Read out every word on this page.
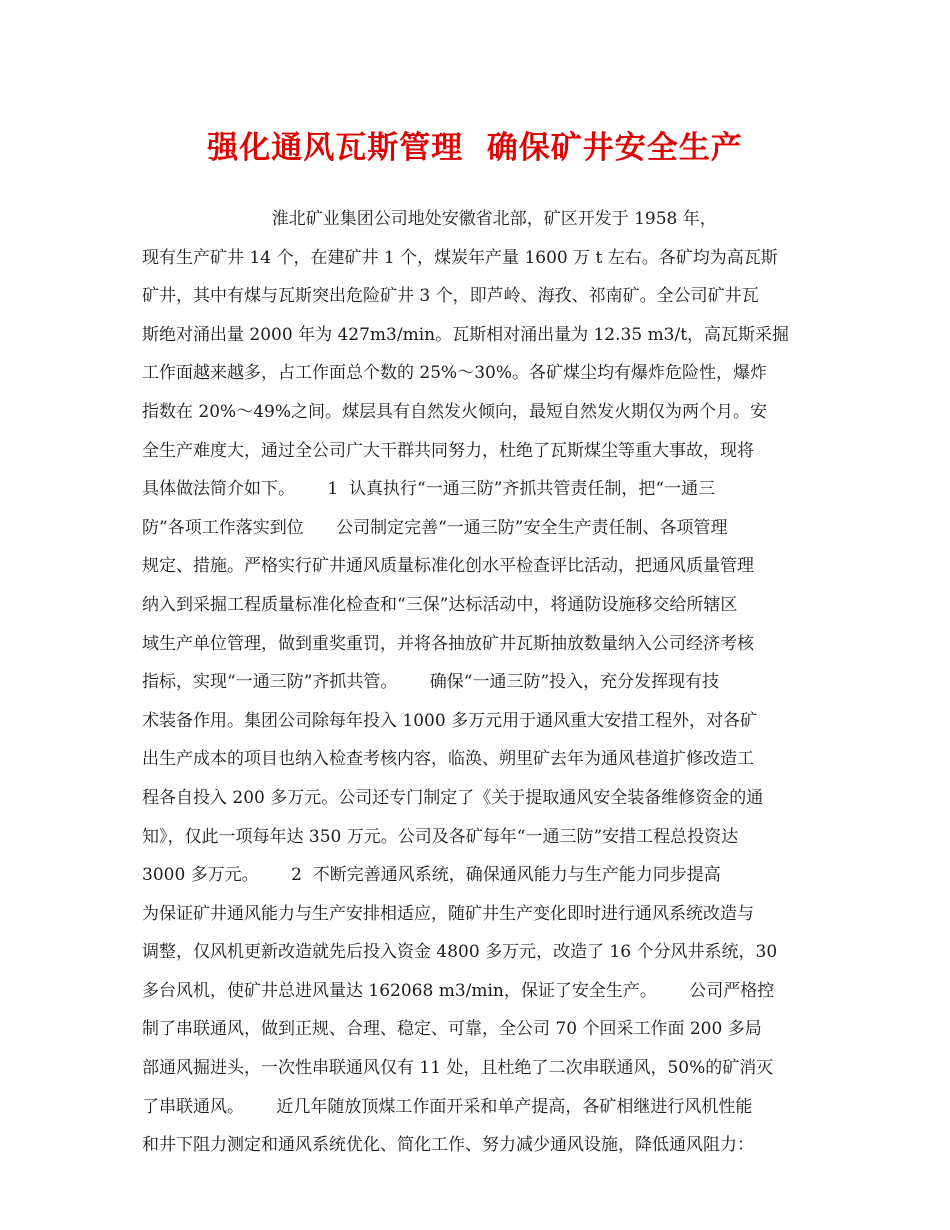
强化通风瓦斯管理  确保矿井安全生产
淮北矿业集团公司地处安徽省北部，矿区开发于 1958 年，
现有生产矿井 14 个，在建矿井 1 个，煤炭年产量 1600 万 t 左右。各矿均为高瓦斯
矿井，其中有煤与瓦斯突出危险矿井 3 个，即芦岭、海孜、祁南矿。全公司矿井瓦
斯绝对涌出量 2000 年为 427m3/min。瓦斯相对涌出量为 12.35 m3/t，高瓦斯采掘
工作面越来越多，占工作面总个数的 25%～30%。各矿煤尘均有爆炸危险性，爆炸
指数在 20%～49%之间。煤层具有自然发火倾向，最短自然发火期仅为两个月。安
全生产难度大，通过全公司广大干群共同努力，杜绝了瓦斯煤尘等重大事故，现将
具体做法简介如下。      1  认真执行“一通三防”齐抓共管责任制，把“一通三
防”各项工作落实到位      公司制定完善“一通三防”安全生产责任制、各项管理
规定、措施。严格实行矿井通风质量标准化创水平检查评比活动，把通风质量管理
纳入到采掘工程质量标准化检查和“三保”达标活动中，将通防设施移交给所辖区
域生产单位管理，做到重奖重罚，并将各抽放矿井瓦斯抽放数量纳入公司经济考核
指标，实现“一通三防”齐抓共管。      确保“一通三防”投入，充分发挥现有技
术装备作用。集团公司除每年投入 1000 多万元用于通风重大安措工程外，对各矿
出生产成本的项目也纳入检查考核内容，临涣、朔里矿去年为通风巷道扩修改造工
程各自投入 200 多万元。公司还专门制定了《关于提取通风安全装备维修资金的通
知》，仅此一项每年达 350 万元。公司及各矿每年“一通三防”安措工程总投资达
3000 多万元。      2  不断完善通风系统，确保通风能力与生产能力同步提高
为保证矿井通风能力与生产安排相适应，随矿井生产变化即时进行通风系统改造与
调整，仅风机更新改造就先后投入资金 4800 多万元，改造了 16 个分风井系统，30
多台风机，使矿井总进风量达 162068 m3/min，保证了安全生产。      公司严格控
制了串联通风，做到正规、合理、稳定、可靠，全公司 70 个回采工作面 200 多局
部通风掘进头，一次性串联通风仅有 11 处，且杜绝了二次串联通风，50%的矿消灭
了串联通风。      近几年随放顶煤工作面开采和单产提高，各矿相继进行风机性能
和井下阻力测定和通风系统优化、简化工作、努力减少通风设施，降低通风阻力：
